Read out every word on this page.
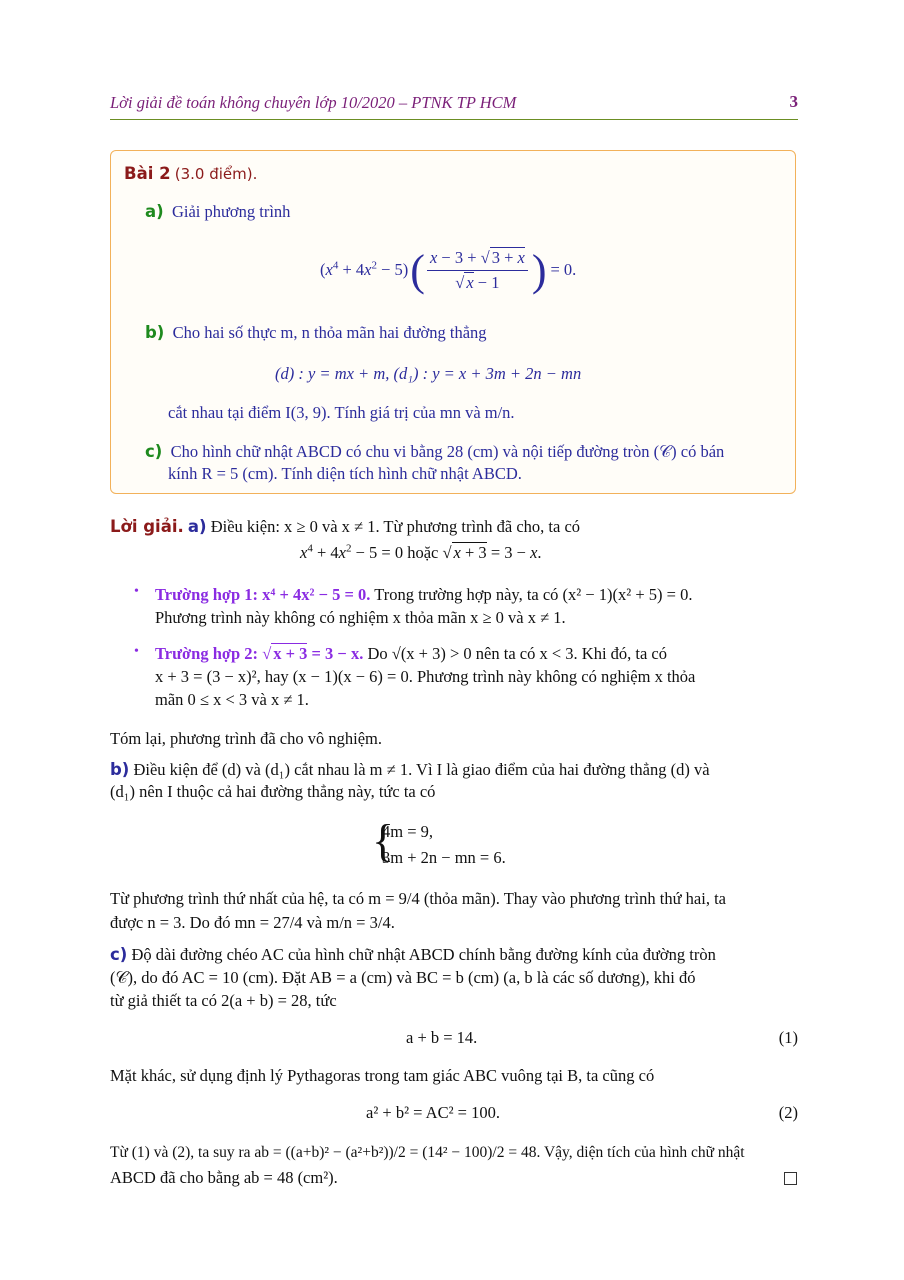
Lời giải đề toán không chuyên lớp 10/2020 – PTNK TP HCM	3
Bài 2 (3.0 điểm).
a) Giải phương trình
$(x^4 + 4x^2 - 5)$ ( x − 3 + √ 3 + x
√ x − 1 ) = 0.
b) Cho hai số thực m, n thỏa mãn hai đường thẳng
(d) : y = mx + m, (d₁) : y = x + 3m + 2n − mn
cắt nhau tại điểm I(3, 9). Tính giá trị của mn và m/n.
c) Cho hình chữ nhật ABCD có chu vi bằng 28 (cm) và nội tiếp đường tròn (𝒞) có bán
kính R = 5 (cm). Tính diện tích hình chữ nhật ABCD.
Lời giải. a) Điều kiện: x ≥ 0 và x ≠ 1. Từ phương trình đã cho, ta có
$x^4 + 4x^2 - 5 = 0$ hoặc √ x + 3 = 3 − x.
• Trường hợp 1: x⁴ + 4x² − 5 = 0. Trong trường hợp này, ta có (x² − 1)(x² + 5) = 0.
Phương trình này không có nghiệm x thỏa mãn x ≥ 0 và x ≠ 1.
• Trường hợp 2: √ x + 3 = 3 − x. Do √(x + 3) > 0 nên ta có x < 3. Khi đó, ta có
x + 3 = (3 − x)², hay (x − 1)(x − 6) = 0. Phương trình này không có nghiệm x thỏa
mãn 0 ≤ x < 3 và x ≠ 1.
Tóm lại, phương trình đã cho vô nghiệm.
b) Điều kiện để (d) và (d₁) cắt nhau là m ≠ 1. Vì I là giao điểm của hai đường thẳng (d) và
(d₁) nên I thuộc cả hai đường thẳng này, tức ta có
{
4m = 9,
3m + 2n − mn = 6.
Từ phương trình thứ nhất của hệ, ta có m = 9/4 (thỏa mãn). Thay vào phương trình thứ hai, ta
được n = 3. Do đó mn = 27/4 và m/n = 3/4.
c) Độ dài đường chéo AC của hình chữ nhật ABCD chính bằng đường kính của đường tròn
(𝒞), do đó AC = 10 (cm). Đặt AB = a (cm) và BC = b (cm) (a, b là các số dương), khi đó
từ giả thiết ta có 2(a + b) = 28, tức
a + b = 14.	(1)
Mặt khác, sử dụng định lý Pythagoras trong tam giác ABC vuông tại B, ta cũng có
a² + b² = AC² = 100.	(2)
Từ (1) và (2), ta suy ra ab = ((a+b)² − (a²+b²))/2 = (14² − 100)/2 = 48. Vậy, diện tích của hình chữ nhật
ABCD đã cho bằng ab = 48 (cm²).
